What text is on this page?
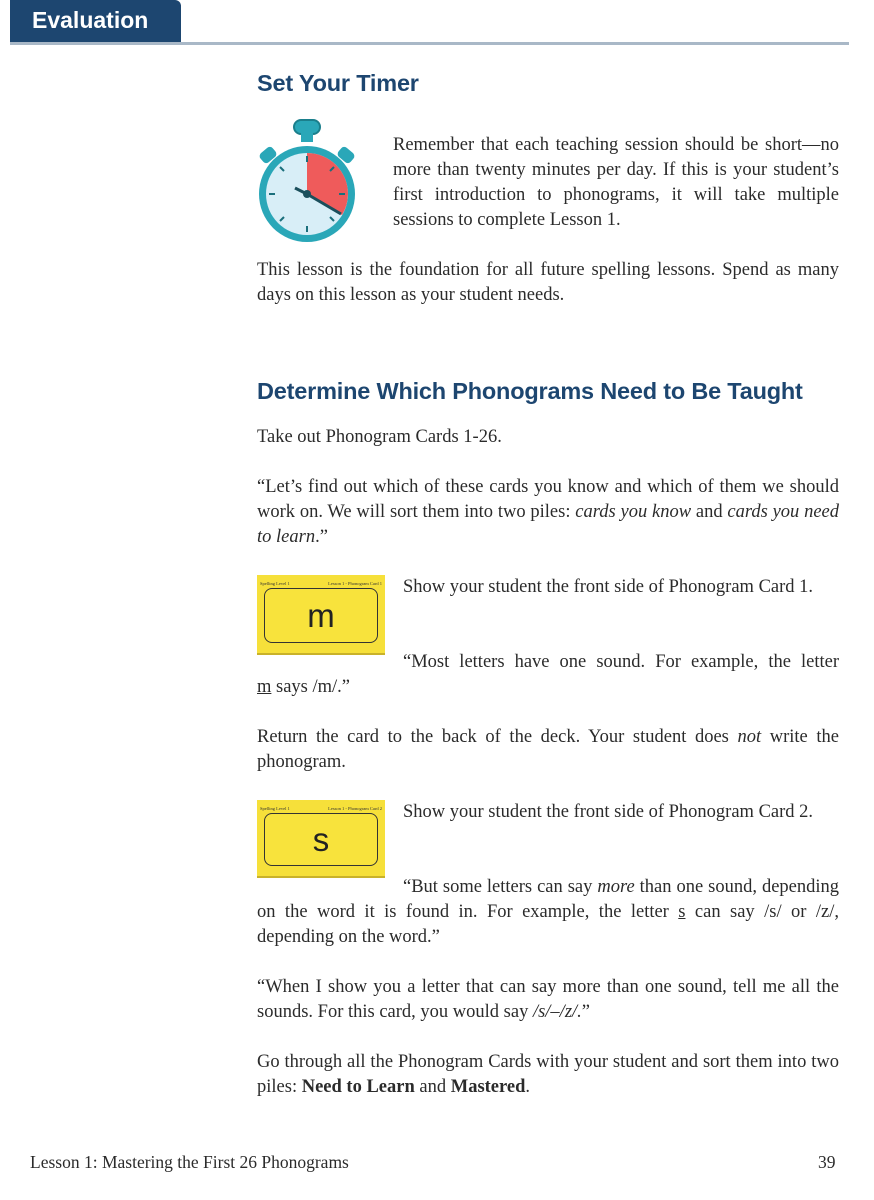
Evaluation
Set Your Timer

Remember that each teaching session should be short—no more than twenty minutes per day. If this is your student’s first introduction to phonograms, it will take multiple sessions to complete Lesson 1.

This lesson is the foundation for all future spelling lessons. Spend as many days on this lesson as your student needs.

Determine Which Phonograms Need to Be Taught

Take out Phonogram Cards 1-26.

“Let’s find out which of these cards you know and which of them we should work on. We will sort them into two piles: cards you know and cards you need to learn.”

Spelling Level 1	Lesson 1 - Phonogram Card 1
m

Show your student the front side of Phonogram Card 1.

“Most letters have one sound. For example, the letter

m says /m/.”

Return the card to the back of the deck. Your student does not write the phonogram.

Spelling Level 1	Lesson 1 - Phonogram Card 2
s

Show your student the front side of Phonogram Card 2.

“But some letters can say more than one sound, depending on the word it is found in. For example, the letter s can say /s/ or /z/, depending on the word.”

“When I show you a letter that can say more than one sound, tell me all the sounds. For this card, you would say /s/–/z/.”

Go through all the Phonogram Cards with your student and sort them into two piles: Need to Learn and Mastered.

Lesson 1: Mastering the First 26 Phonograms	39
